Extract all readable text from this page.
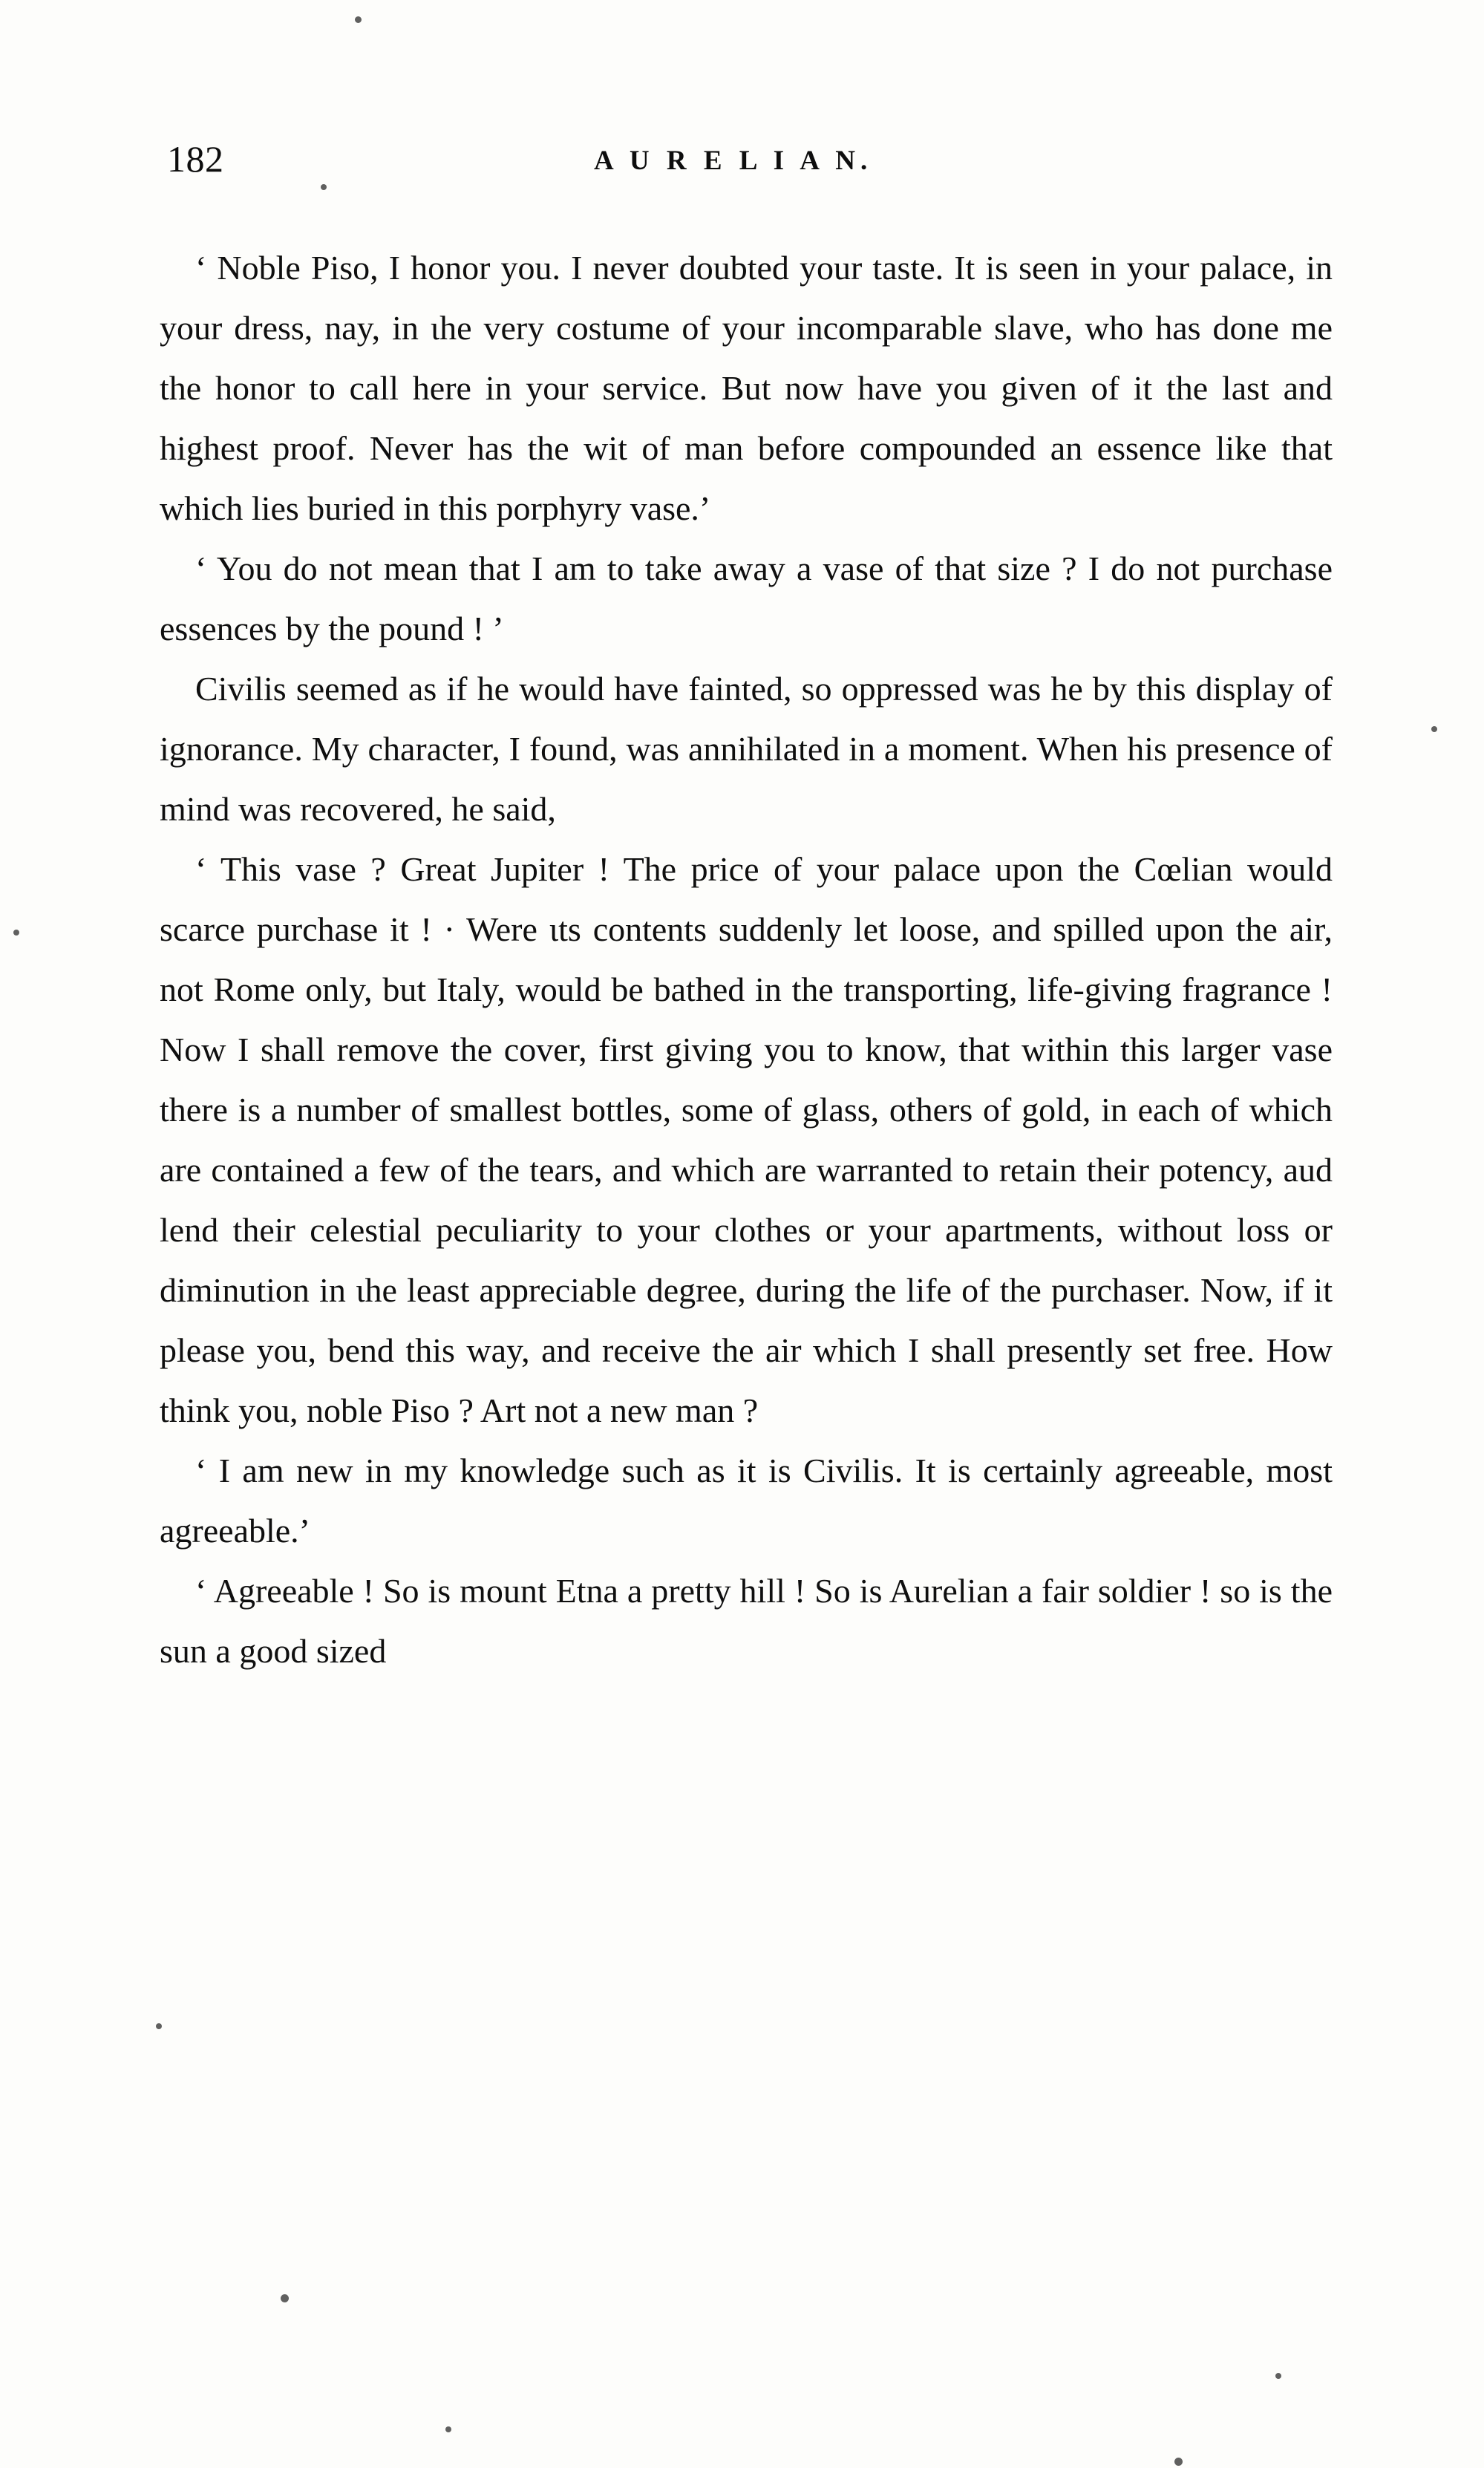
182	A U R E L I A N.

‘ Noble Piso, I honor you. I never doubted your taste. It is seen in your palace, in your dress, nay, in ιhe very costume of your incomparable slave, who has done me the honor to call here in your service. But now have you given of it the last and highest proof. Never has the wit of man before compounded an essence like that which lies buried in this porphyry vase.’

‘ You do not mean that I am to take away a vase of that size ? I do not purchase essences by the pound ! ’

Civilis seemed as if he would have fainted, so oppressed was he by this display of ignorance. My character, I found, was annihilated in a moment. When his presence of mind was recovered, he said,

‘ This vase ? Great Jupiter ! The price of your palace upon the Cœlian would scarce purchase it ! · Were ιts contents suddenly let loose, and spilled upon the air, not Rome only, but Italy, would be bathed in the transporting, life-giving fragrance ! Now I shall remove the cover, first giving you to know, that within this larger vase there is a number of smallest bottles, some of glass, others of gold, in each of which are contained a few of the tears, and which are warranted to retain their potency, aud lend their celestial peculiarity to your clothes or your apartments, without loss or diminution in ιhe least appreciable degree, during the life of the purchaser. Now, if it please you, bend this way, and receive the air which I shall presently set free. How think you, noble Piso ? Art not a new man ?

‘ I am new in my knowledge such as it is Civilis. It is certainly agreeable, most agreeable.’

‘ Agreeable ! So is mount Etna a pretty hill ! So is Aurelian a fair soldier ! so is the sun a good sized
